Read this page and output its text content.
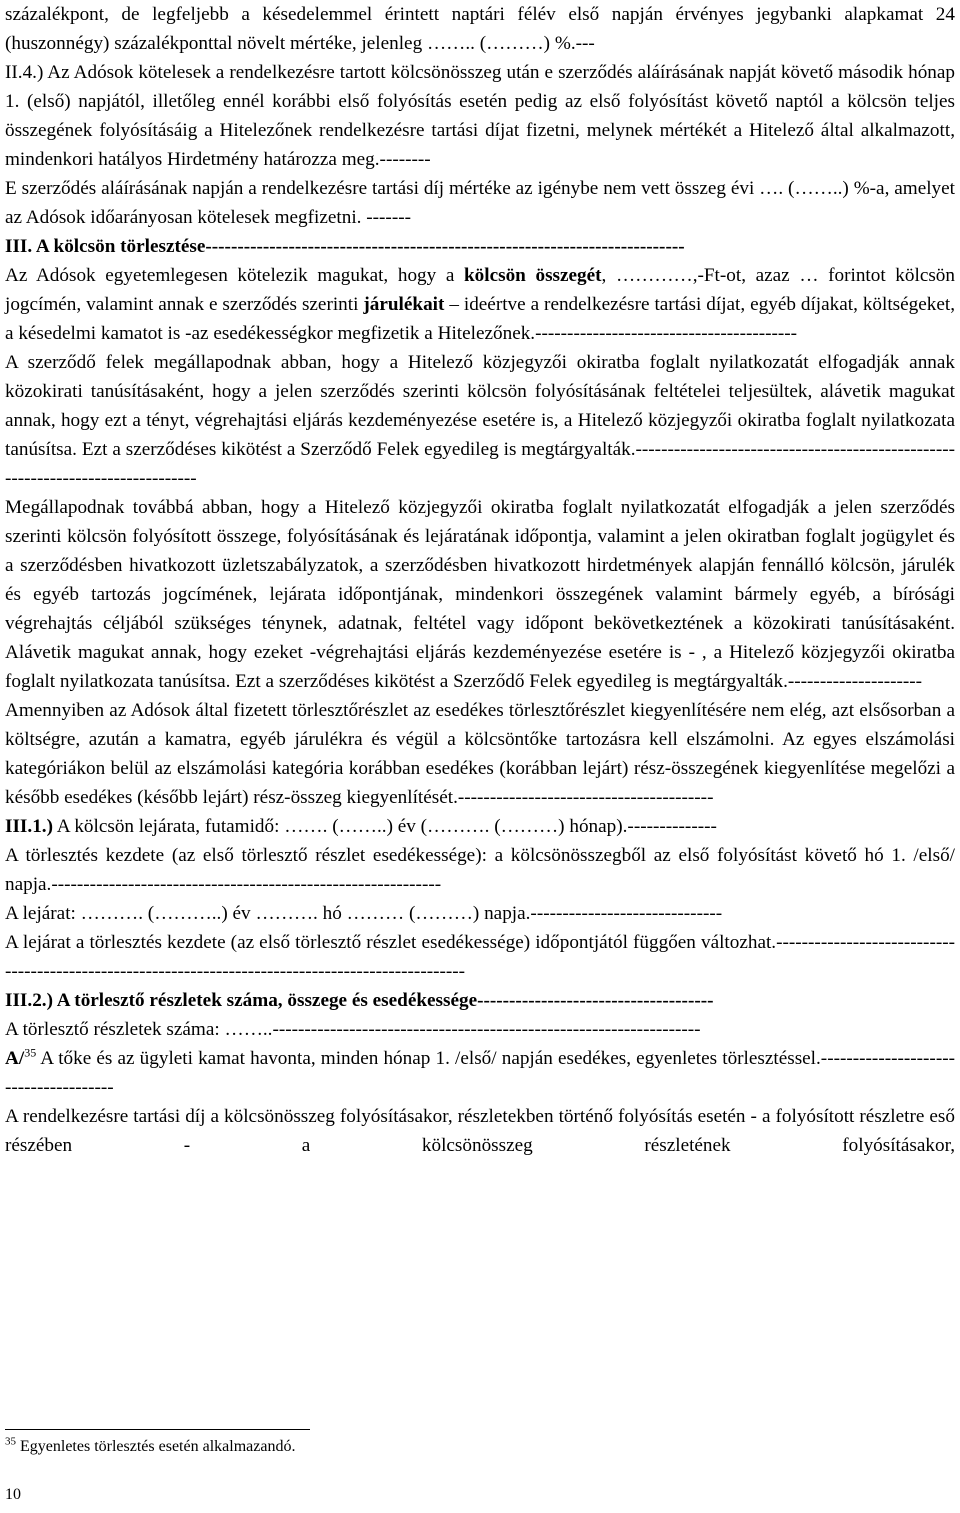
százalékpont, de legfeljebb a késedelemmel érintett naptári félév első napján érvényes jegybanki alapkamat 24 (huszonnégy) százalékponttal növelt mértéke, jelenleg …….. (………) %.---

II.4.) Az Adósok kötelesek a rendelkezésre tartott kölcsönösszeg után e szerződés aláírásának napját követő második hónap 1. (első) napjától, illetőleg ennél korábbi első folyósítás esetén pedig az első folyósítást követő naptól a kölcsön teljes összegének folyósításáig a Hitelezőnek rendelkezésre tartási díjat fizetni, melynek mértékét a Hitelező által alkalmazott, mindenkori hatályos Hirdetmény határozza meg.--------

E szerződés aláírásának napján a rendelkezésre tartási díj mértéke az igénybe nem vett összeg évi …. (……..) %-a, amelyet az Adósok időarányosan kötelesek megfizetni. -------

III. A kölcsön törlesztése---------------------------------------------------------------------------

Az Adósok egyetemlegesen kötelezik magukat, hogy a kölcsön összegét, …………,-Ft-ot, azaz … forintot kölcsön jogcímén, valamint annak e szerződés szerinti járulékait – ideértve a rendelkezésre tartási díjat, egyéb díjakat, költségeket, a késedelmi kamatot is -az esedékességkor megfizetik a Hitelezőnek.-----------------------------------------

A szerződő felek megállapodnak abban, hogy a Hitelező közjegyzői okiratba foglalt nyilatkozatát elfogadják annak közokirati tanúsításaként, hogy a jelen szerződés szerinti kölcsön folyósításának feltételei teljesültek, alávetik magukat annak, hogy ezt a tényt, végrehajtási eljárás kezdeményezése esetére is, a Hitelező közjegyzői okiratba foglalt nyilatkozata tanúsítsa. Ezt a szerződéses kikötést a Szerződő Felek egyedileg is megtárgyalták.--------------------------------------------------------------------------------

Megállapodnak továbbá abban, hogy a Hitelező közjegyzői okiratba foglalt nyilatkozatát elfogadják a jelen szerződés szerinti kölcsön folyósított összege, folyósításának és lejáratának időpontja, valamint a jelen okiratban foglalt jogügylet és a szerződésben hivatkozott üzletszabályzatok, a szerződésben hivatkozott hirdetmények alapján fennálló kölcsön, járulék és egyéb tartozás jogcímének, lejárata időpontjának, mindenkori összegének valamint bármely egyéb, a bírósági végrehajtás céljából szükséges ténynek, adatnak, feltétel vagy időpont bekövetkeztének a közokirati tanúsításaként. Alávetik magukat annak, hogy ezeket -végrehajtási eljárás kezdeményezése esetére is - , a Hitelező közjegyzői okiratba foglalt nyilatkozata tanúsítsa. Ezt a szerződéses kikötést a Szerződő Felek egyedileg is megtárgyalták.---------------------

Amennyiben az Adósok által fizetett törlesztőrészlet az esedékes törlesztőrészlet kiegyenlítésére nem elég, azt elsősorban a költségre, azután a kamatra, egyéb járulékra és végül a kölcsöntőke tartozásra kell elszámolni. Az egyes elszámolási kategóriákon belül az elszámolási kategória korábban esedékes (korábban lejárt) rész-összegének kiegyenlítése megelőzi a később esedékes (később lejárt) rész-összeg kiegyenlítését.----------------------------------------

III.1.) A kölcsön lejárata, futamidő: ……. (……..) év (………. (………) hónap).--------------

A törlesztés kezdete (az első törlesztő részlet esedékessége): a kölcsönösszegből az első folyósítást követő hó 1. /első/ napja.-------------------------------------------------------------

A lejárat: ………. (………..) év ………. hó ……… (………) napja.------------------------------

A lejárat a törlesztés kezdete (az első törlesztő részlet esedékessége) időpontjától függően változhat.----------------------------------------------------------------------------------------------------

III.2.) A törlesztő részletek száma, összege és esedékessége-------------------------------------

A törlesztő részletek száma: ……..-------------------------------------------------------------------

A/$^{35}$ A tőke és az ügyleti kamat havonta, minden hónap 1. /első/ napján esedékes, egyenletes törlesztéssel.--------------------------------------

A rendelkezésre tartási díj a kölcsönösszeg folyósításakor, részletekben történő folyósítás esetén - a folyósított részletre eső részében - a kölcsönösszeg részletének folyósításakor,

$^{35}$ Egyenletes törlesztés esetén alkalmazandó.
10
